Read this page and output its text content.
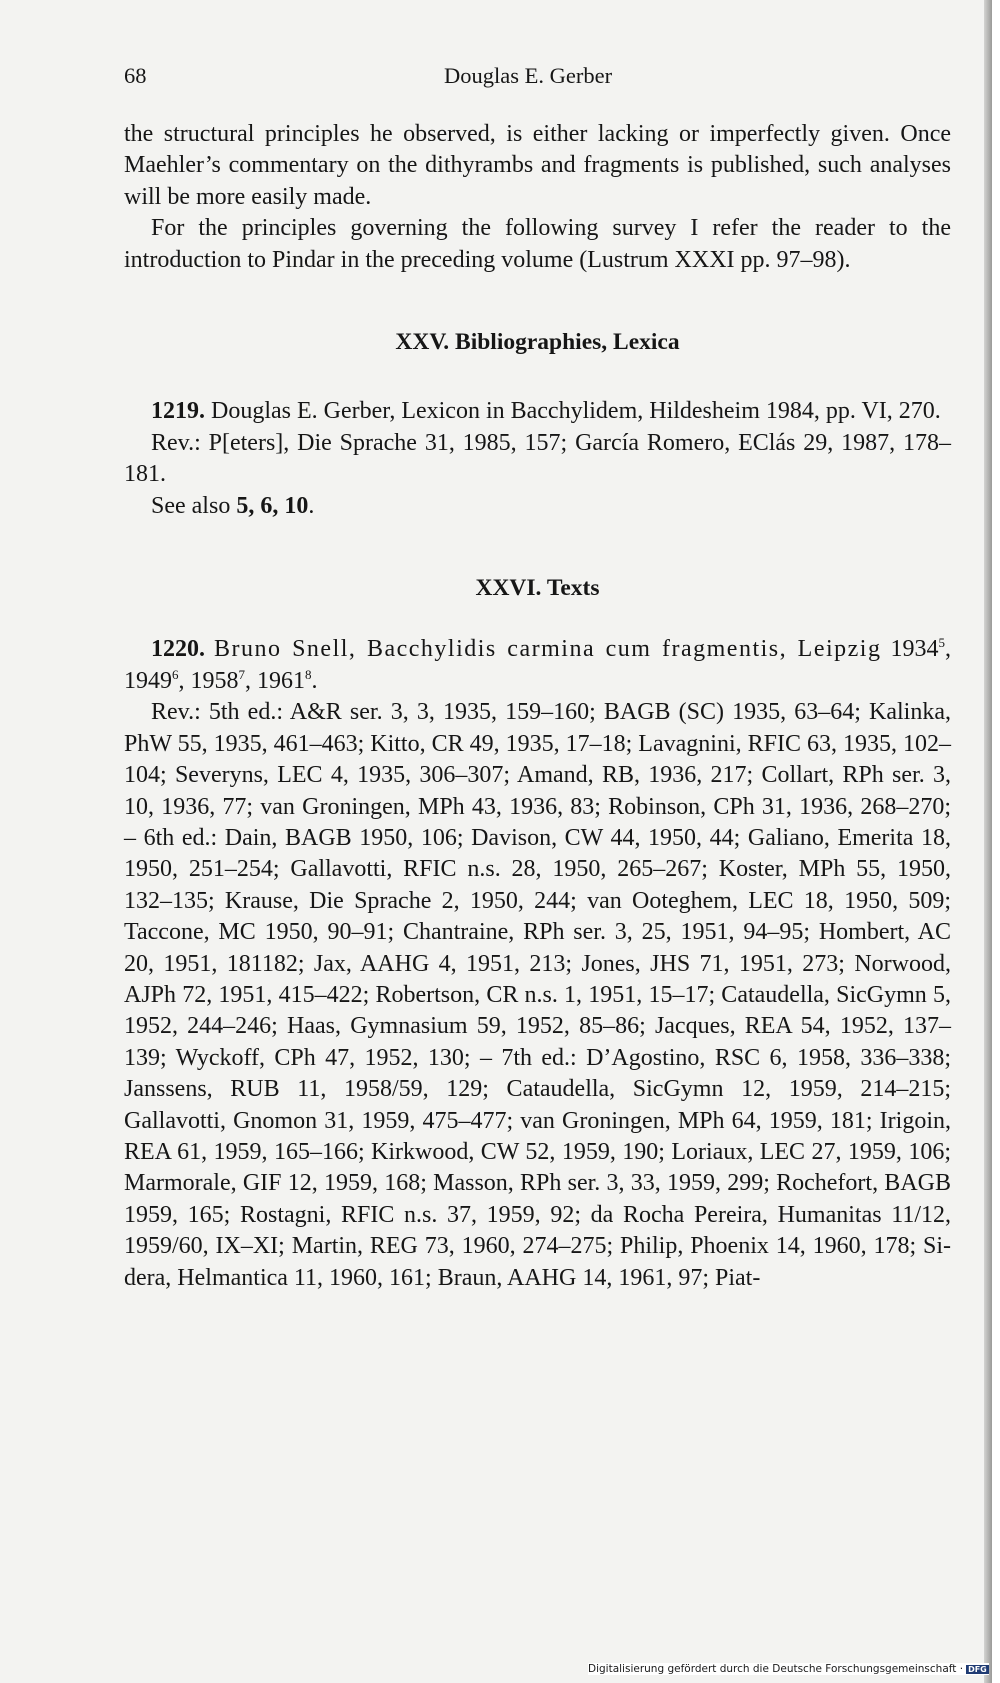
68	Douglas E. Gerber

the structural principles he observed, is either lacking or imperfectly given. Once Maehler’s commentary on the dithyrambs and fragments is published, such analyses will be more easily made.

For the principles governing the following survey I refer the reader to the introduction to Pindar in the preceding volume (Lustrum XXXI pp. 97–98).

XXV. Bibliographies, Lexica

1219. Douglas E. Gerber, Lexicon in Bacchylidem, Hildesheim 1984, pp. VI, 270.

Rev.: P[eters], Die Sprache 31, 1985, 157; García Romero, EClás 29, 1987, 178–181.

See also 5, 6, 10.

XXVI. Texts

1220. Bruno Snell, Bacchylidis carmina cum fragmentis, Leipzig 1934$^5$, 1949$^6$, 1958$^7$, 1961$^8$.

Rev.: 5th ed.: A&R ser. 3, 3, 1935, 159–160; BAGB (SC) 1935, 63–64; Kalinka, PhW 55, 1935, 461–463; Kitto, CR 49, 1935, 17–18; Lavagnini, RFIC 63, 1935, 102–104; Severyns, LEC 4, 1935, 306–307; Amand, RB, 1936, 217; Collart, RPh ser. 3, 10, 1936, 77; van Groningen, MPh 43, 1936, 83; Robinson, CPh 31, 1936, 268–270; – 6th ed.: Dain, BAGB 1950, 106; Davison, CW 44, 1950, 44; Galiano, Emerita 18, 1950, 251–254; Gallavotti, RFIC n.s. 28, 1950, 265–267; Koster, MPh 55, 1950, 132–135; Krause, Die Sprache 2, 1950, 244; van Ooteghem, LEC 18, 1950, 509; Taccone, MC 1950, 90–91; Chantraine, RPh ser. 3, 25, 1951, 94–95; Hombert, AC 20, 1951, 181182; Jax, AAHG 4, 1951, 213; Jones, JHS 71, 1951, 273; Norwood, AJPh 72, 1951, 415–422; Robertson, CR n.s. 1, 1951, 15–17; Cataudella, SicGymn 5, 1952, 244–246; Haas, Gymnasium 59, 1952, 85–86; Jacques, REA 54, 1952, 137–139; Wyckoff, CPh 47, 1952, 130; – 7th ed.: D’Agostino, RSC 6, 1958, 336–338; Janssens, RUB 11, 1958/59, 129; Cataudella, SicGymn 12, 1959, 214–215; Gallavotti, Gnomon 31, 1959, 475–477; van Groningen, MPh 64, 1959, 181; Irigoin, REA 61, 1959, 165–166; Kirkwood, CW 52, 1959, 190; Loriaux, LEC 27, 1959, 106; Marmorale, GIF 12, 1959, 168; Masson, RPh ser. 3, 33, 1959, 299; Rochefort, BAGB 1959, 165; Rostagni, RFIC n.s. 37, 1959, 92; da Rocha Pereira, Humanitas 11/12, 1959/60, IX–XI; Martin, REG 73, 1960, 274–275; Philip, Phoenix 14, 1960, 178; Sidera, Helmantica 11, 1960, 161; Braun, AAHG 14, 1961, 97; Piat-

Digitalisierung gefördert durch die Deutsche Forschungsgemeinschaft · DFG
